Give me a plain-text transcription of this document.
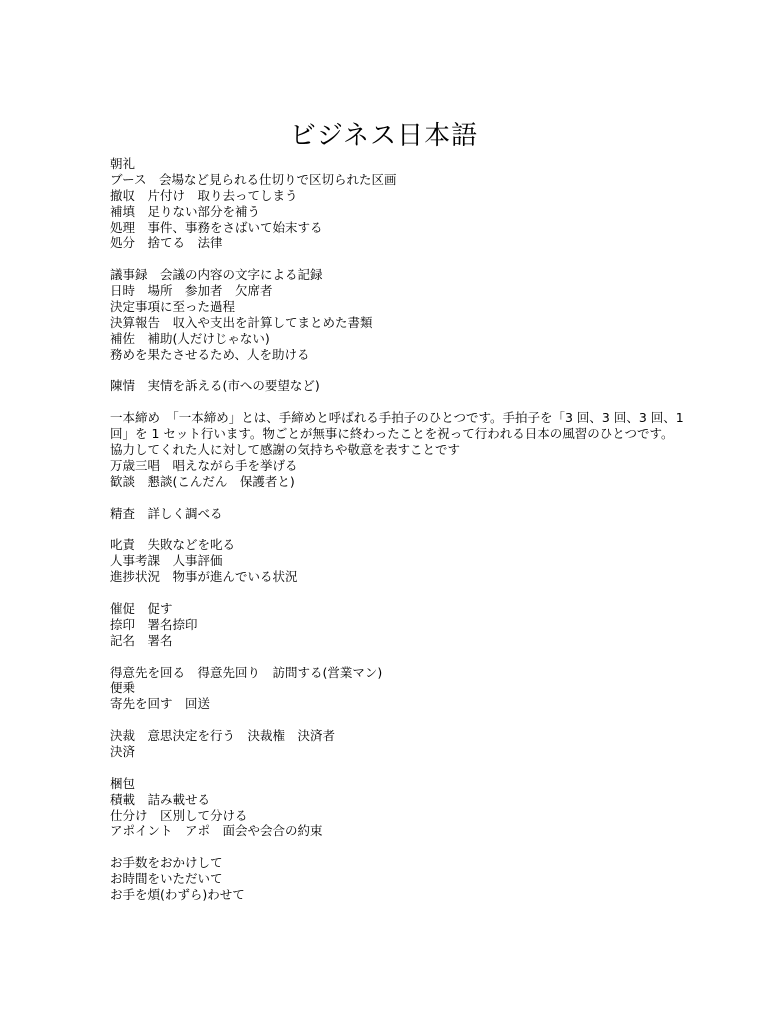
ビジネス日本語
朝礼
ブース　会場など見られる仕切りで区切られた区画
撤収　片付け　取り去ってしまう
補填　足りない部分を補う
処理　事件、事務をさばいて始末する
処分　捨てる　法律
議事録　会議の内容の文字による記録
日時　場所　参加者　欠席者
決定事項に至った過程
決算報告　収入や支出を計算してまとめた書類
補佐　補助(人だけじゃない)
務めを果たさせるため、人を助ける
陳情　実情を訴える(市への要望など)
一本締め　「一本締め」とは、手締めと呼ばれる手拍子のひとつです。手拍子を「3 回、3 回、3 回、1
回」を 1 セット行います。物ごとが無事に終わったことを祝って行われる日本の風習のひとつです。
協力してくれた人に対して感謝の気持ちや敬意を表すことです
万歳三唱　唱えながら手を挙げる
歓談　懇談(こんだん　保護者と)
精査　詳しく調べる
叱責　失敗などを叱る
人事考課　人事評価
進捗状況　物事が進んでいる状況
催促　促す
捺印　署名捺印
記名　署名
得意先を回る　得意先回り　訪問する(営業マン)
便乗
寄先を回す　回送
決裁　意思決定を行う　決裁権　決済者
決済
梱包
積載　詰み載せる
仕分け　区別して分ける
アポイント　アポ　面会や会合の約束
お手数をおかけして
お時間をいただいて
お手を煩(わずら)わせて
